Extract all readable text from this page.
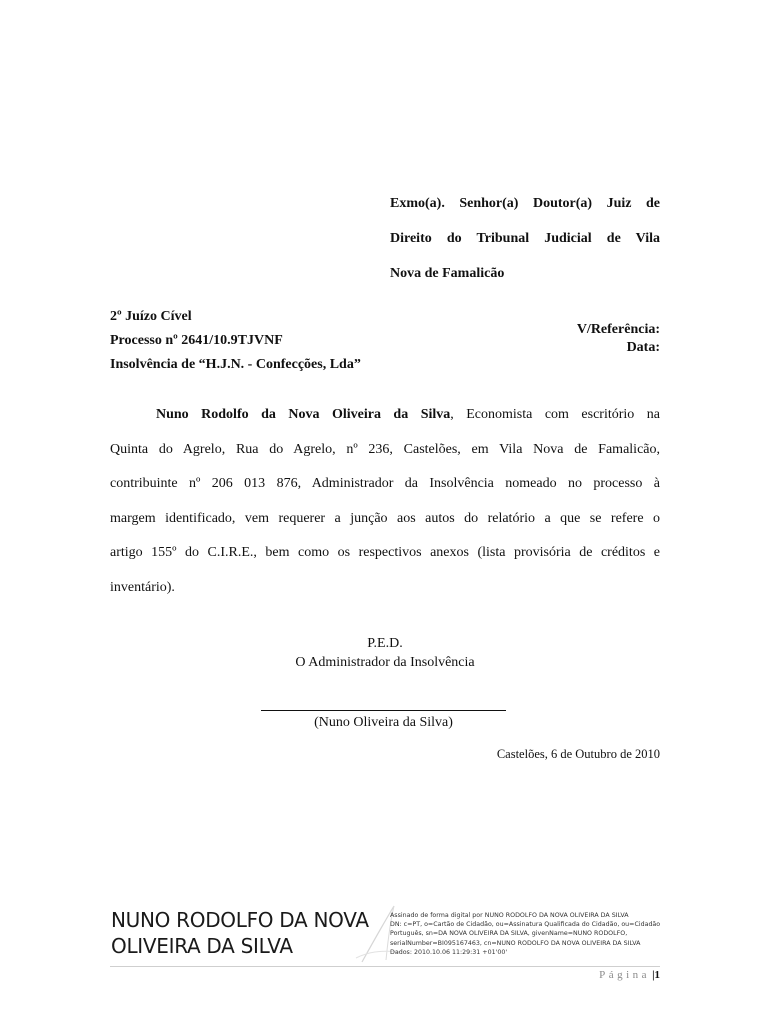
Exmo(a). Senhor(a) Doutor(a) Juiz de
Direito do Tribunal Judicial de Vila
Nova de Famalicão
2º Juízo Cível
Processo nº 2641/10.9TJVNF
Insolvência de “H.J.N. - Confecções, Lda”
V/Referência:
Data:
Nuno Rodolfo da Nova Oliveira da Silva, Economista com escritório na
Quinta do Agrelo, Rua do Agrelo, nº 236, Castelões, em Vila Nova de Famalicão,
contribuinte nº 206 013 876, Administrador da Insolvência nomeado no processo à
margem identificado, vem requerer a junção aos autos do relatório a que se refere o
artigo 155º do C.I.R.E., bem como os respectivos anexos (lista provisória de créditos e
inventário).
P.E.D.
O Administrador da Insolvência
(Nuno Oliveira da Silva)
Castelões, 6 de Outubro de 2010
NUNO RODOLFO DA NOVA
OLIVEIRA DA SILVA
Assinado de forma digital por NUNO RODOLFO DA NOVA OLIVEIRA DA SILVA
DN: c=PT, o=Cartão de Cidadão, ou=Assinatura Qualificada do Cidadão, ou=Cidadão
Português, sn=DA NOVA OLIVEIRA DA SILVA, givenName=NUNO RODOLFO,
serialNumber=BI095167463, cn=NUNO RODOLFO DA NOVA OLIVEIRA DA SILVA
Dados: 2010.10.06 11:29:31 +01'00'
Página |1
